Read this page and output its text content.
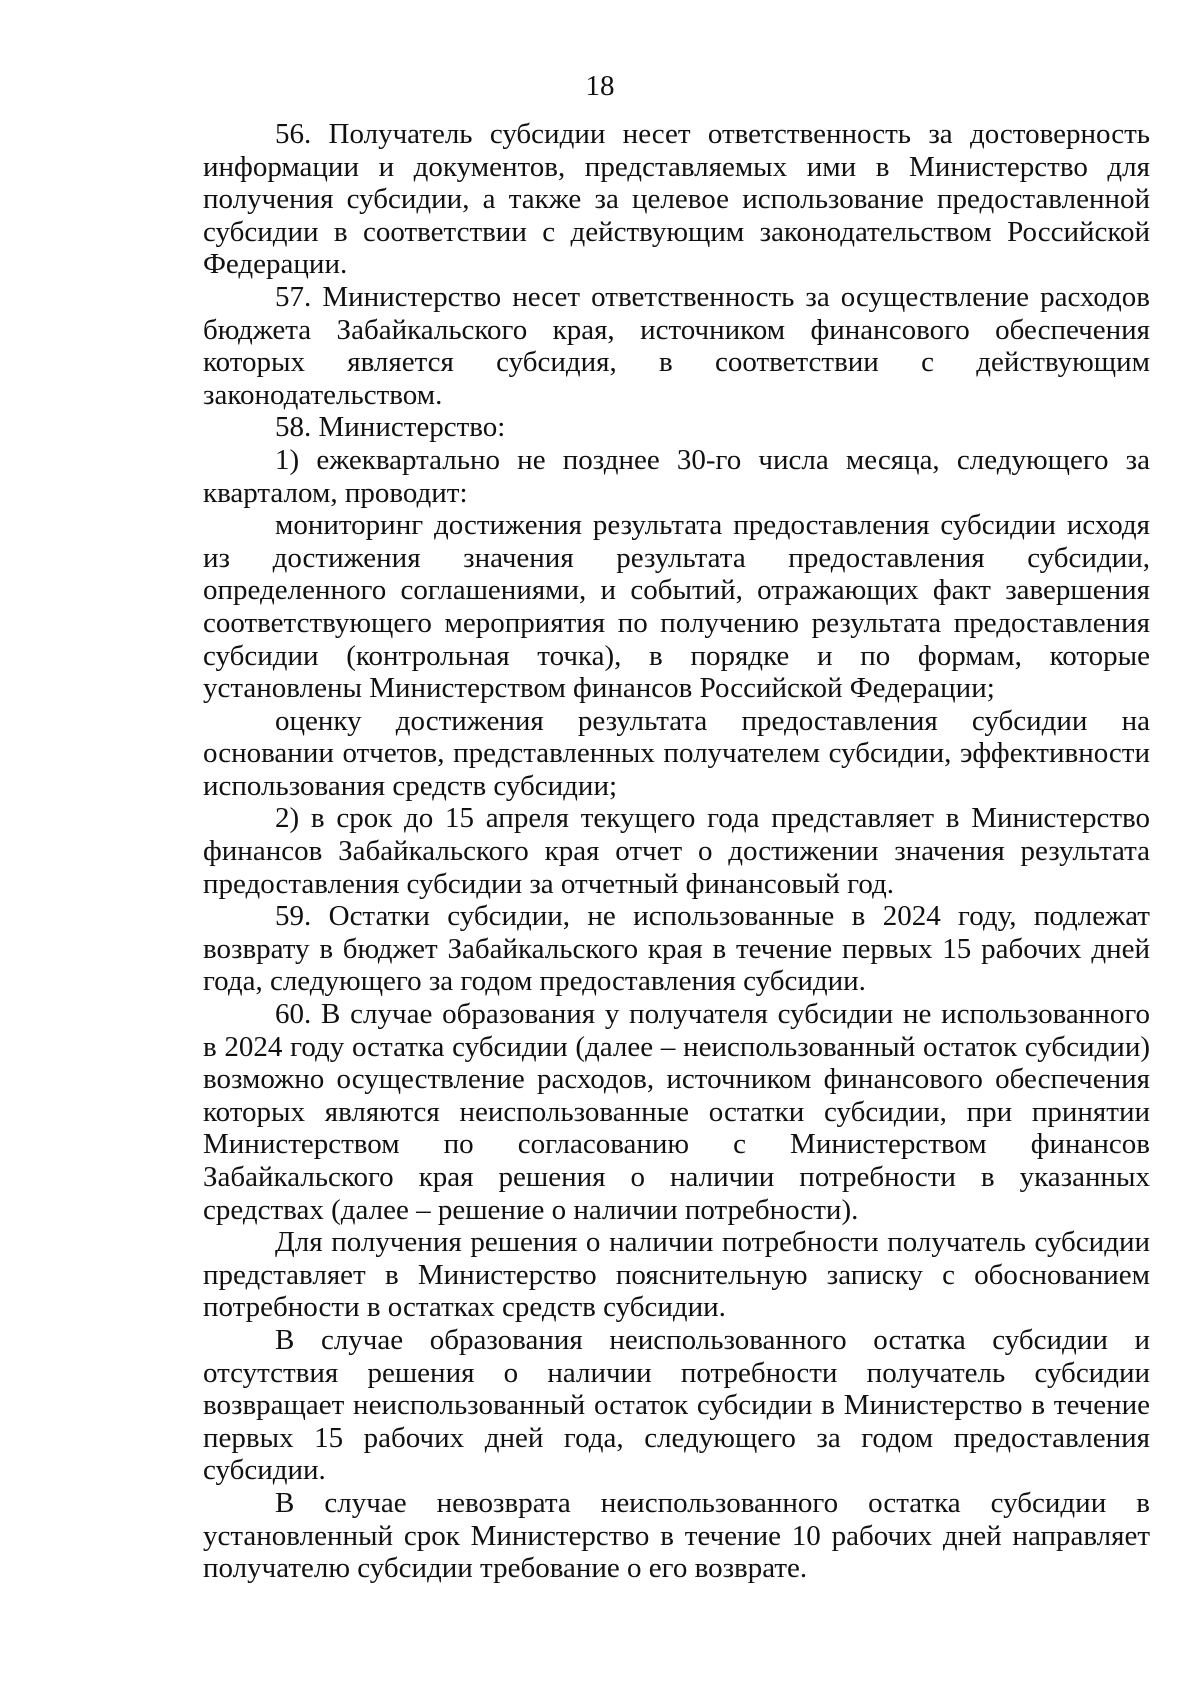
18

56. Получатель субсидии несет ответственность за достоверность информации и документов, представляемых ими в Министерство для получения субсидии, а также за целевое использование предоставленной субсидии в соответствии с действующим законодательством Российской Федерации.

57. Министерство несет ответственность за осуществление расходов бюджета Забайкальского края, источником финансового обеспечения которых является субсидия, в соответствии с действующим законодательством.

58. Министерство:

1) ежеквартально не позднее 30-го числа месяца, следующего за кварталом, проводит:

мониторинг достижения результата предоставления субсидии исходя из достижения значения результата предоставления субсидии, определенного соглашениями, и событий, отражающих факт завершения соответствующего мероприятия по получению результата предоставления субсидии (контрольная точка), в порядке и по формам, которые установлены Министерством финансов Российской Федерации;

оценку достижения результата предоставления субсидии на основании отчетов, представленных получателем субсидии, эффективности использования средств субсидии;

2) в срок до 15 апреля текущего года представляет в Министерство финансов Забайкальского края отчет о достижении значения результата предоставления субсидии за отчетный финансовый год.

59. Остатки субсидии, не использованные в 2024 году, подлежат возврату в бюджет Забайкальского края в течение первых 15 рабочих дней года, следующего за годом предоставления субсидии.

60. В случае образования у получателя субсидии не использованного в 2024 году остатка субсидии (далее – неиспользованный остаток субсидии) возможно осуществление расходов, источником финансового обеспечения которых являются неиспользованные остатки субсидии, при принятии Министерством по согласованию с Министерством финансов Забайкальского края решения о наличии потребности в указанных средствах (далее – решение о наличии потребности).

Для получения решения о наличии потребности получатель субсидии представляет в Министерство пояснительную записку с обоснованием потребности в остатках средств субсидии.

В случае образования неиспользованного остатка субсидии и отсутствия решения о наличии потребности получатель субсидии возвращает неиспользованный остаток субсидии в Министерство в течение первых 15 рабочих дней года, следующего за годом предоставления субсидии.

В случае невозврата неиспользованного остатка субсидии в установленный срок Министерство в течение 10 рабочих дней направляет получателю субсидии требование о его возврате.
